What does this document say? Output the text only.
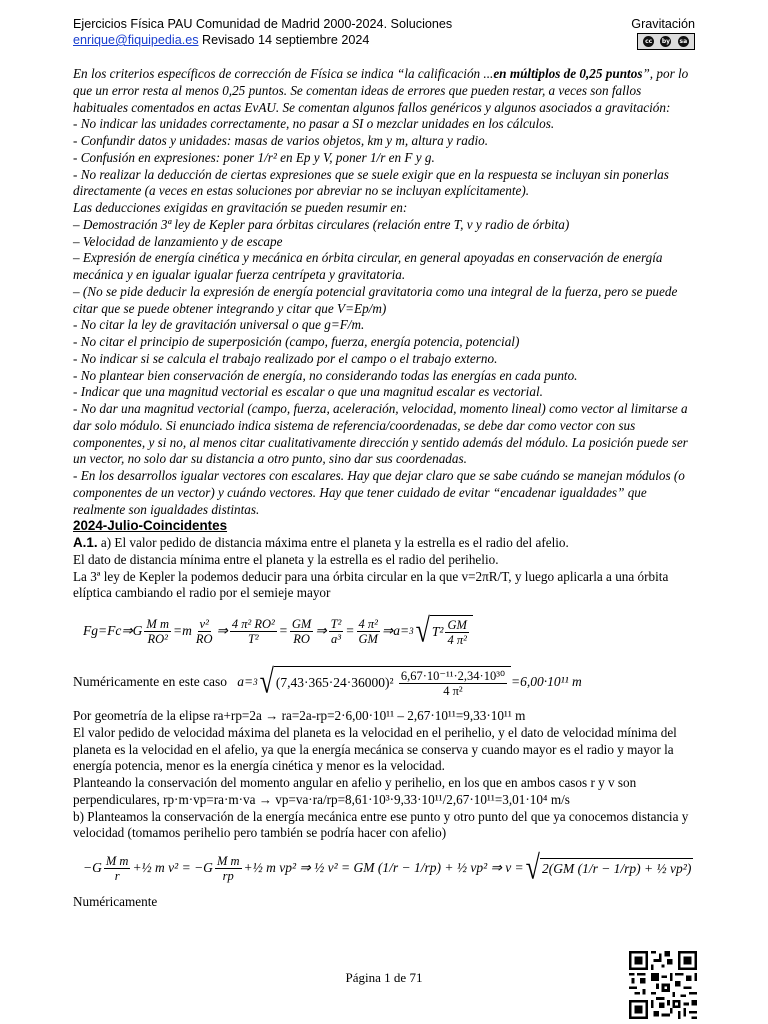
Ejercicios Física PAU Comunidad de Madrid 2000-2024. Soluciones	Gravitación
enrique@fiquipedia.es Revisado 14 septiembre 2024	cc	by sa

En los criterios específicos de corrección de Física se indica “la calificación ...en múltiplos de 0,25 puntos”, por lo que un error resta al menos 0,25 puntos. Se comentan ideas de errores que pueden restar, a veces son fallos habituales comentados en actas EvAU. Se comentan algunos fallos genéricos y algunos asociados a gravitación:

- No indicar las unidades correctamente, no pasar a SI o mezclar unidades en los cálculos.

- Confundir datos y unidades: masas de varios objetos, km y m, altura y radio.

- Confusión en expresiones: poner 1/r² en Ep y V, poner 1/r en F y g.

- No realizar la deducción de ciertas expresiones que se suele exigir que en la respuesta se incluyan sin ponerlas directamente (a veces en estas soluciones por abreviar no se incluyan explícitamente).

Las deducciones exigidas en gravitación se pueden resumir en:

– Demostración 3ª ley de Kepler para órbitas circulares (relación entre T, v y radio de órbita)

– Velocidad de lanzamiento y de escape

– Expresión de energía cinética y mecánica en órbita circular, en general apoyadas en conservación de energía mecánica y en igualar igualar fuerza centrípeta y gravitatoria.

– (No se pide deducir la expresión de energía potencial gravitatoria como una integral de la fuerza, pero se puede citar que se puede obtener integrando y citar que V=Ep/m)

- No citar la ley de gravitación universal o que g=F/m.

- No citar el principio de superposición (campo, fuerza, energía potencia, potencial)

- No indicar si se calcula el trabajo realizado por el campo o el trabajo externo.

- No plantear bien conservación de energía, no considerando todas las energías en cada punto.

- Indicar que una magnitud vectorial es escalar o que una magnitud escalar es vectorial.

- No dar una magnitud vectorial (campo, fuerza, aceleración, velocidad, momento lineal) como vector al limitarse a dar solo módulo. Si enunciado indica sistema de referencia/coordenadas, se debe dar como vector con sus componentes, y si no, al menos citar cualitativamente dirección y sentido además del módulo. La posición puede ser un vector, no solo dar su distancia a otro punto, sino dar sus coordenadas.

- En los desarrollos igualar vectores con escalares. Hay que dejar claro que se sabe cuándo se manejan módulos (o componentes de un vector) y cuándo vectores. Hay que tener cuidado de evitar “encadenar igualdades” que realmente son igualdades distintas.

2024-Julio-Coincidentes

A.1. a) El valor pedido de distancia máxima entre el planeta y la estrella es el radio del afelio.

El dato de distancia mínima entre el planeta y la estrella es el radio del perihelio.

La 3ª ley de Kepler la podemos deducir para una órbita circular en la que v=2πR/T, y luego aplicarla a una órbita elíptica cambiando el radio por el semieje mayor

Fg=Fc⇒G $\frac{\text{M m}}{\text{RO²}} =m \frac{\text{v²}}{RO}$ ⇒ $\frac{\text{4 π² RO²}}{\text{T²}} = \frac{GM}{RO}$ ⇒ $\frac{\text{T²}}{\text{a³}} = \frac{\text{4 π²}}{GM}$ ⇒a= 3 √ $T^2 \frac{GM}{\text{4 π²}}$
Numéricamente en este caso
a= 3 √ (7,43·365·24·36000)²
$\frac{\text{6,67·10⁻¹¹·2,34·10³⁰}}{\text{4 π²}} =6,00\cdot 10^{11}$ m

Por geometría de la elipse ra+rp=2a → ra=2a-rp=2·6,00·10¹¹ – 2,67·10¹¹=9,33·10¹¹ m

El valor pedido de velocidad máxima del planeta es la velocidad en el perihelio, y el dato de velocidad mínima del planeta es la velocidad en el afelio, ya que la energía mecánica se conserva y cuando mayor es el radio y mayor la energía potencia, menor es la energía cinética y menor es la velocidad.

Planteando la conservación del momento angular en afelio y perihelio, en los que en ambos casos r y v son perpendiculares, rp·m·vp=ra·m·va → vp=va·ra/rp=8,61·10³·9,33·10¹¹/2,67·10¹¹=3,01·10⁴ m/s

b) Planteamos la conservación de la energía mecánica entre ese punto y otro punto del que ya conocemos distancia y velocidad (tomamos perihelio pero también se podría hacer con afelio)

$-G \frac{\text{M m}}{r}$ +½ m $v^2 = -G \frac{\text{M m}}{rp}$ +½ m vp² ⇒ ½ v² = GM (1/r − 1/rp) + ½ vp² ⇒ v = √ 2(GM (1/r − 1/rp) + ½ vp²)

Numéricamente

Página 1 de 71
